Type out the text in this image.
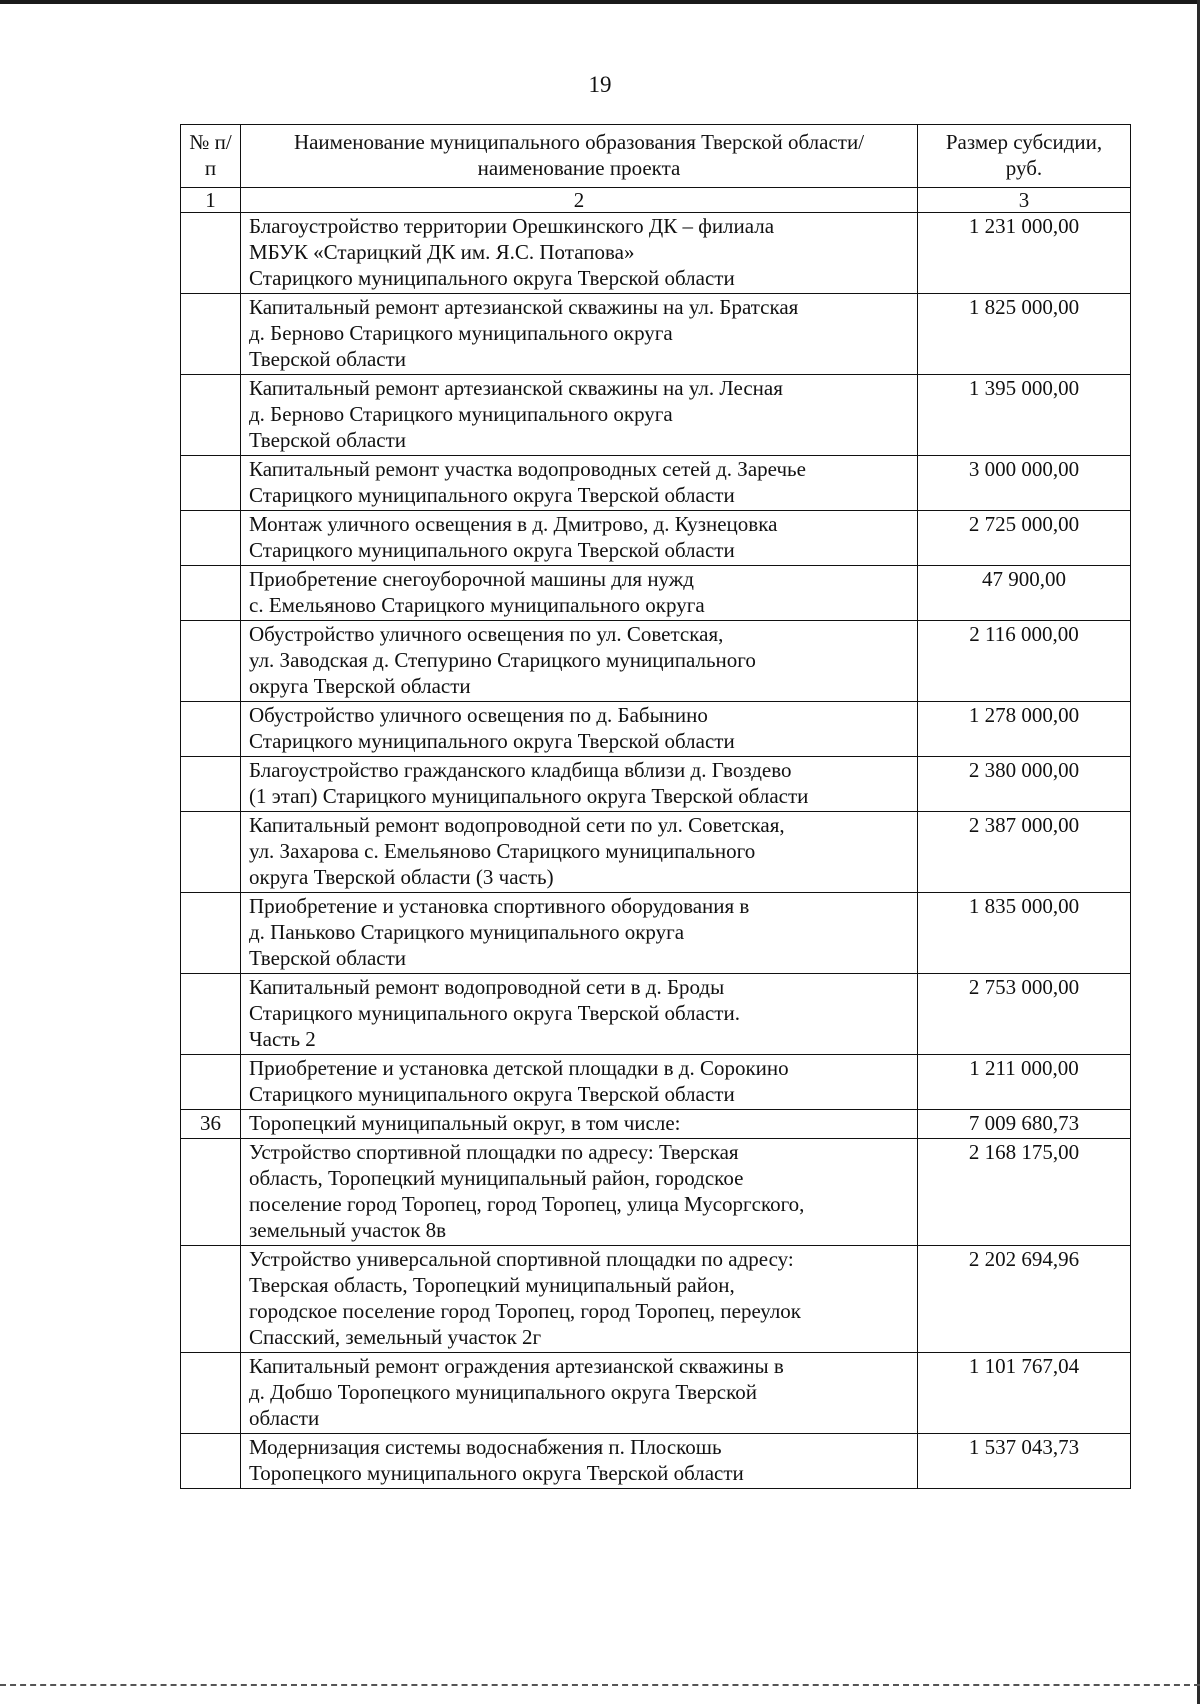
19
№ п/п	Наименование муниципального образования Тверской области/наименование проекта	Размер субсидии, руб.
1	2	3

	Благоустройство территории Орешкинского ДК – филиала
МБУК «Старицкий ДК им. Я.С. Потапова»
Старицкого муниципального округа Тверской области	1 231 000,00

	Капитальный ремонт артезианской скважины на ул. Братская
д. Берново Старицкого муниципального округа
Тверской области	1 825 000,00

	Капитальный ремонт артезианской скважины на ул. Лесная
д. Берново Старицкого муниципального округа
Тверской области	1 395 000,00

	Капитальный ремонт участка водопроводных сетей д. Заречье
Старицкого муниципального округа Тверской области	3 000 000,00

	Монтаж уличного освещения в д. Дмитрово, д. Кузнецовка
Старицкого муниципального округа Тверской области	2 725 000,00

	Приобретение снегоуборочной машины для нужд
с. Емельяново Старицкого муниципального округа	47 900,00

	Обустройство уличного освещения по ул. Советская,
ул. Заводская д. Степурино Старицкого муниципального
округа Тверской области	2 116 000,00

	Обустройство уличного освещения по д. Бабынино
Старицкого муниципального округа Тверской области	1 278 000,00

	Благоустройство гражданского кладбища вблизи д. Гвоздево
(1 этап) Старицкого муниципального округа Тверской области	2 380 000,00

	Капитальный ремонт водопроводной сети по ул. Советская,
ул. Захарова с. Емельяново Старицкого муниципального
округа Тверской области (3 часть)	2 387 000,00

	Приобретение и установка спортивного оборудования в
д. Паньково Старицкого муниципального округа
Тверской области	1 835 000,00

	Капитальный ремонт водопроводной сети в д. Броды
Старицкого муниципального округа Тверской области.
Часть 2	2 753 000,00

	Приобретение и установка детской площадки в д. Сорокино
Старицкого муниципального округа Тверской области	1 211 000,00
36	Торопецкий муниципальный округ, в том числе:	7 009 680,73

	Устройство спортивной площадки по адресу: Тверская
область, Торопецкий муниципальный район, городское
поселение город Торопец, город Торопец, улица Мусоргского,
земельный участок 8в	2 168 175,00

	Устройство универсальной спортивной площадки по адресу:
Тверская область, Торопецкий муниципальный район,
городское поселение город Торопец, город Торопец, переулок
Спасский, земельный участок 2г	2 202 694,96

	Капитальный ремонт ограждения артезианской скважины в
д. Добшо Торопецкого муниципального округа Тверской
области	1 101 767,04

	Модернизация системы водоснабжения п. Плоскошь
Торопецкого муниципального округа Тверской области	1 537 043,73
